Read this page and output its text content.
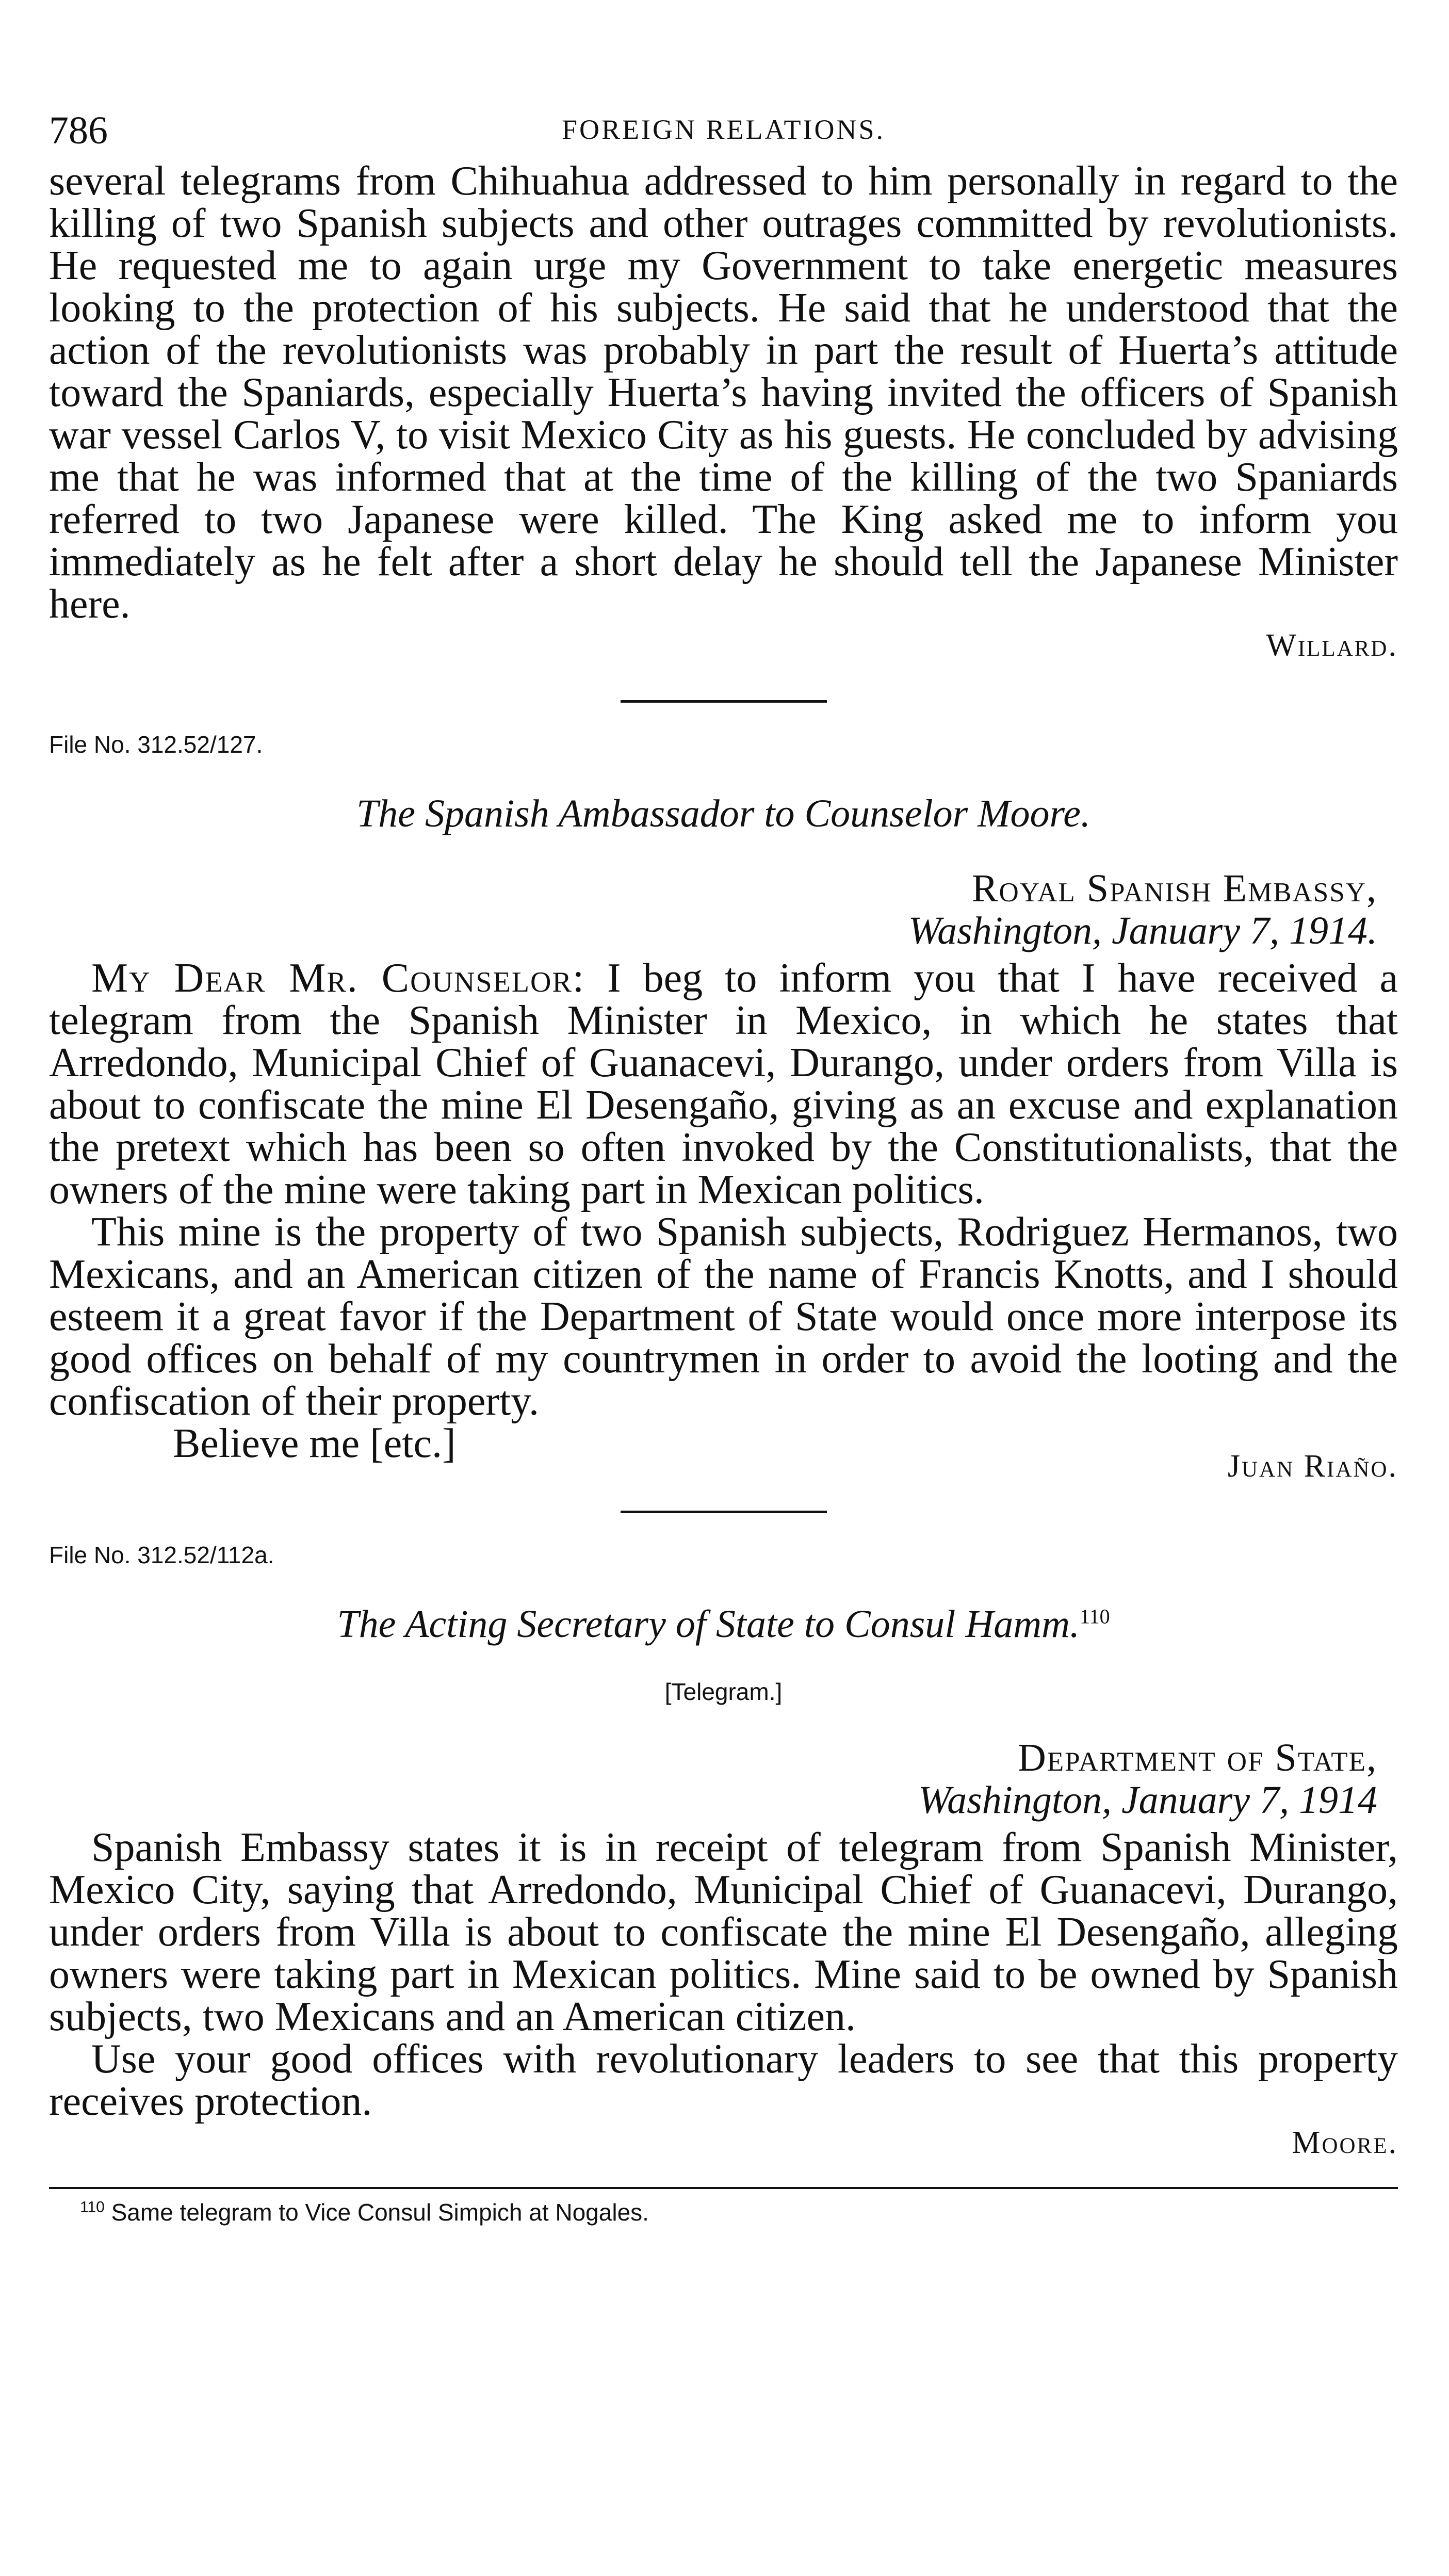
786	FOREIGN RELATIONS.

several telegrams from Chihuahua addressed to him personally in regard to the killing of two Spanish subjects and other outrages committed by revolutionists. He requested me to again urge my Government to take energetic measures looking to the protection of his subjects. He said that he understood that the action of the revolutionists was probably in part the result of Huerta’s attitude toward the Spaniards, especially Huerta’s having invited the officers of Spanish war vessel Carlos V, to visit Mexico City as his guests. He concluded by advising me that he was informed that at the time of the killing of the two Spaniards referred to two Japanese were killed. The King asked me to inform you immediately as he felt after a short delay he should tell the Japanese Minister here.

Willard.

File No. 312.52/127.

The Spanish Ambassador to Counselor Moore.
Royal Spanish Embassy,
Washington, January 7, 1914.

My Dear Mr. Counselor: I beg to inform you that I have received a telegram from the Spanish Minister in Mexico, in which he states that Arredondo, Municipal Chief of Guanacevi, Durango, under orders from Villa is about to confiscate the mine El Desengaño, giving as an excuse and explanation the pretext which has been so often invoked by the Constitutionalists, that the owners of the mine were taking part in Mexican politics.

This mine is the property of two Spanish subjects, Rodriguez Hermanos, two Mexicans, and an American citizen of the name of Francis Knotts, and I should esteem it a great favor if the Department of State would once more interpose its good offices on behalf of my countrymen in order to avoid the looting and the confiscation of their property.

Believe me [etc.]	Juan Riaño.

File No. 312.52/112a.

The Acting Secretary of State to Consul Hamm.$^{110}$
[Telegram.]
Department of State,
Washington, January 7, 1914

Spanish Embassy states it is in receipt of telegram from Spanish Minister, Mexico City, saying that Arredondo, Municipal Chief of Guanacevi, Durango, under orders from Villa is about to confiscate the mine El Desengaño, alleging owners were taking part in Mexican politics. Mine said to be owned by Spanish subjects, two Mexicans and an American citizen.

Use your good offices with revolutionary leaders to see that this property receives protection.

Moore.
$^{110}$ Same telegram to Vice Consul Simpich at Nogales.
